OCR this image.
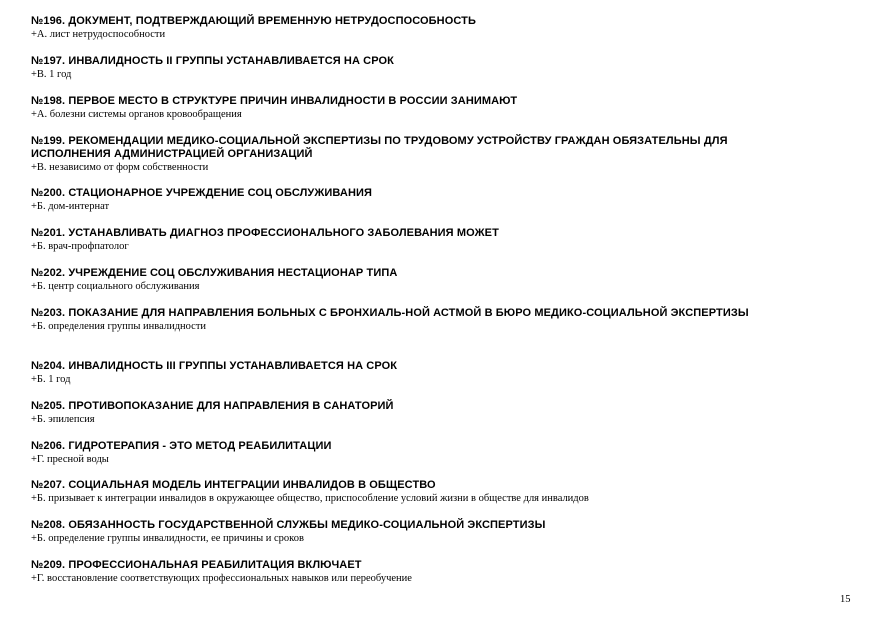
№196. ДОКУМЕНТ, ПОДТВЕРЖДАЮЩИЙ ВРЕМЕННУЮ НЕТРУДОСПОСОБНОСТЬ
+А. лист нетрудоспособности
№197. ИНВАЛИДНОСТЬ II ГРУППЫ УСТАНАВЛИВАЕТСЯ НА СРОК
+В. 1 год
№198. ПЕРВОЕ МЕСТО В СТРУКТУРЕ ПРИЧИН ИНВАЛИДНОСТИ В РОССИИ ЗАНИМАЮТ
+А. болезни системы органов кровообращения
№199. РЕКОМЕНДАЦИИ МЕДИКО-СОЦИАЛЬНОЙ ЭКСПЕРТИЗЫ ПО ТРУДОВОМУ УСТРОЙСТВУ ГРАЖДАН ОБЯЗАТЕЛЬНЫ ДЛЯ
ИСПОЛНЕНИЯ АДМИНИСТРАЦИЕЙ ОРГАНИЗАЦИЙ
+В. независимо от форм собственности
№200. СТАЦИОНАРНОЕ УЧРЕЖДЕНИЕ СОЦ ОБСЛУЖИВАНИЯ
+Б. дом-интернат
№201. УСТАНАВЛИВАТЬ ДИАГНОЗ ПРОФЕССИОНАЛЬНОГО ЗАБОЛЕВАНИЯ МОЖЕТ
+Б. врач-профпатолог
№202. УЧРЕЖДЕНИЕ СОЦ ОБСЛУЖИВАНИЯ НЕСТАЦИОНАР ТИПА
+Б. центр социального обслуживания
№203. ПОКАЗАНИЕ ДЛЯ НАПРАВЛЕНИЯ БОЛЬНЫХ С БРОНХИАЛЬ-НОЙ АСТМОЙ В БЮРО МЕДИКО-СОЦИАЛЬНОЙ ЭКСПЕРТИЗЫ
+Б. определения группы инвалидности
№204. ИНВАЛИДНОСТЬ III ГРУППЫ УСТАНАВЛИВАЕТСЯ НА СРОК
+Б. 1 год
№205. ПРОТИВОПОКАЗАНИЕ ДЛЯ НАПРАВЛЕНИЯ В САНАТОРИЙ
+Б. эпилепсия
№206. ГИДРОТЕРАПИЯ - ЭТО МЕТОД РЕАБИЛИТАЦИИ
+Г. пресной воды
№207. СОЦИАЛЬНАЯ МОДЕЛЬ ИНТЕГРАЦИИ ИНВАЛИДОВ В ОБЩЕСТВО
+Б. призывает к интеграции инвалидов в окружающее общество, приспособление условий жизни в обществе для инвалидов
№208. ОБЯЗАННОСТЬ ГОСУДАРСТВЕННОЙ СЛУЖБЫ МЕДИКО-СОЦИАЛЬНОЙ ЭКСПЕРТИЗЫ
+Б. определение группы инвалидности, ее причины и сроков
№209. ПРОФЕССИОНАЛЬНАЯ РЕАБИЛИТАЦИЯ ВКЛЮЧАЕТ
+Г. восстановление соответствующих профессиональных навыков или переобучение
15
